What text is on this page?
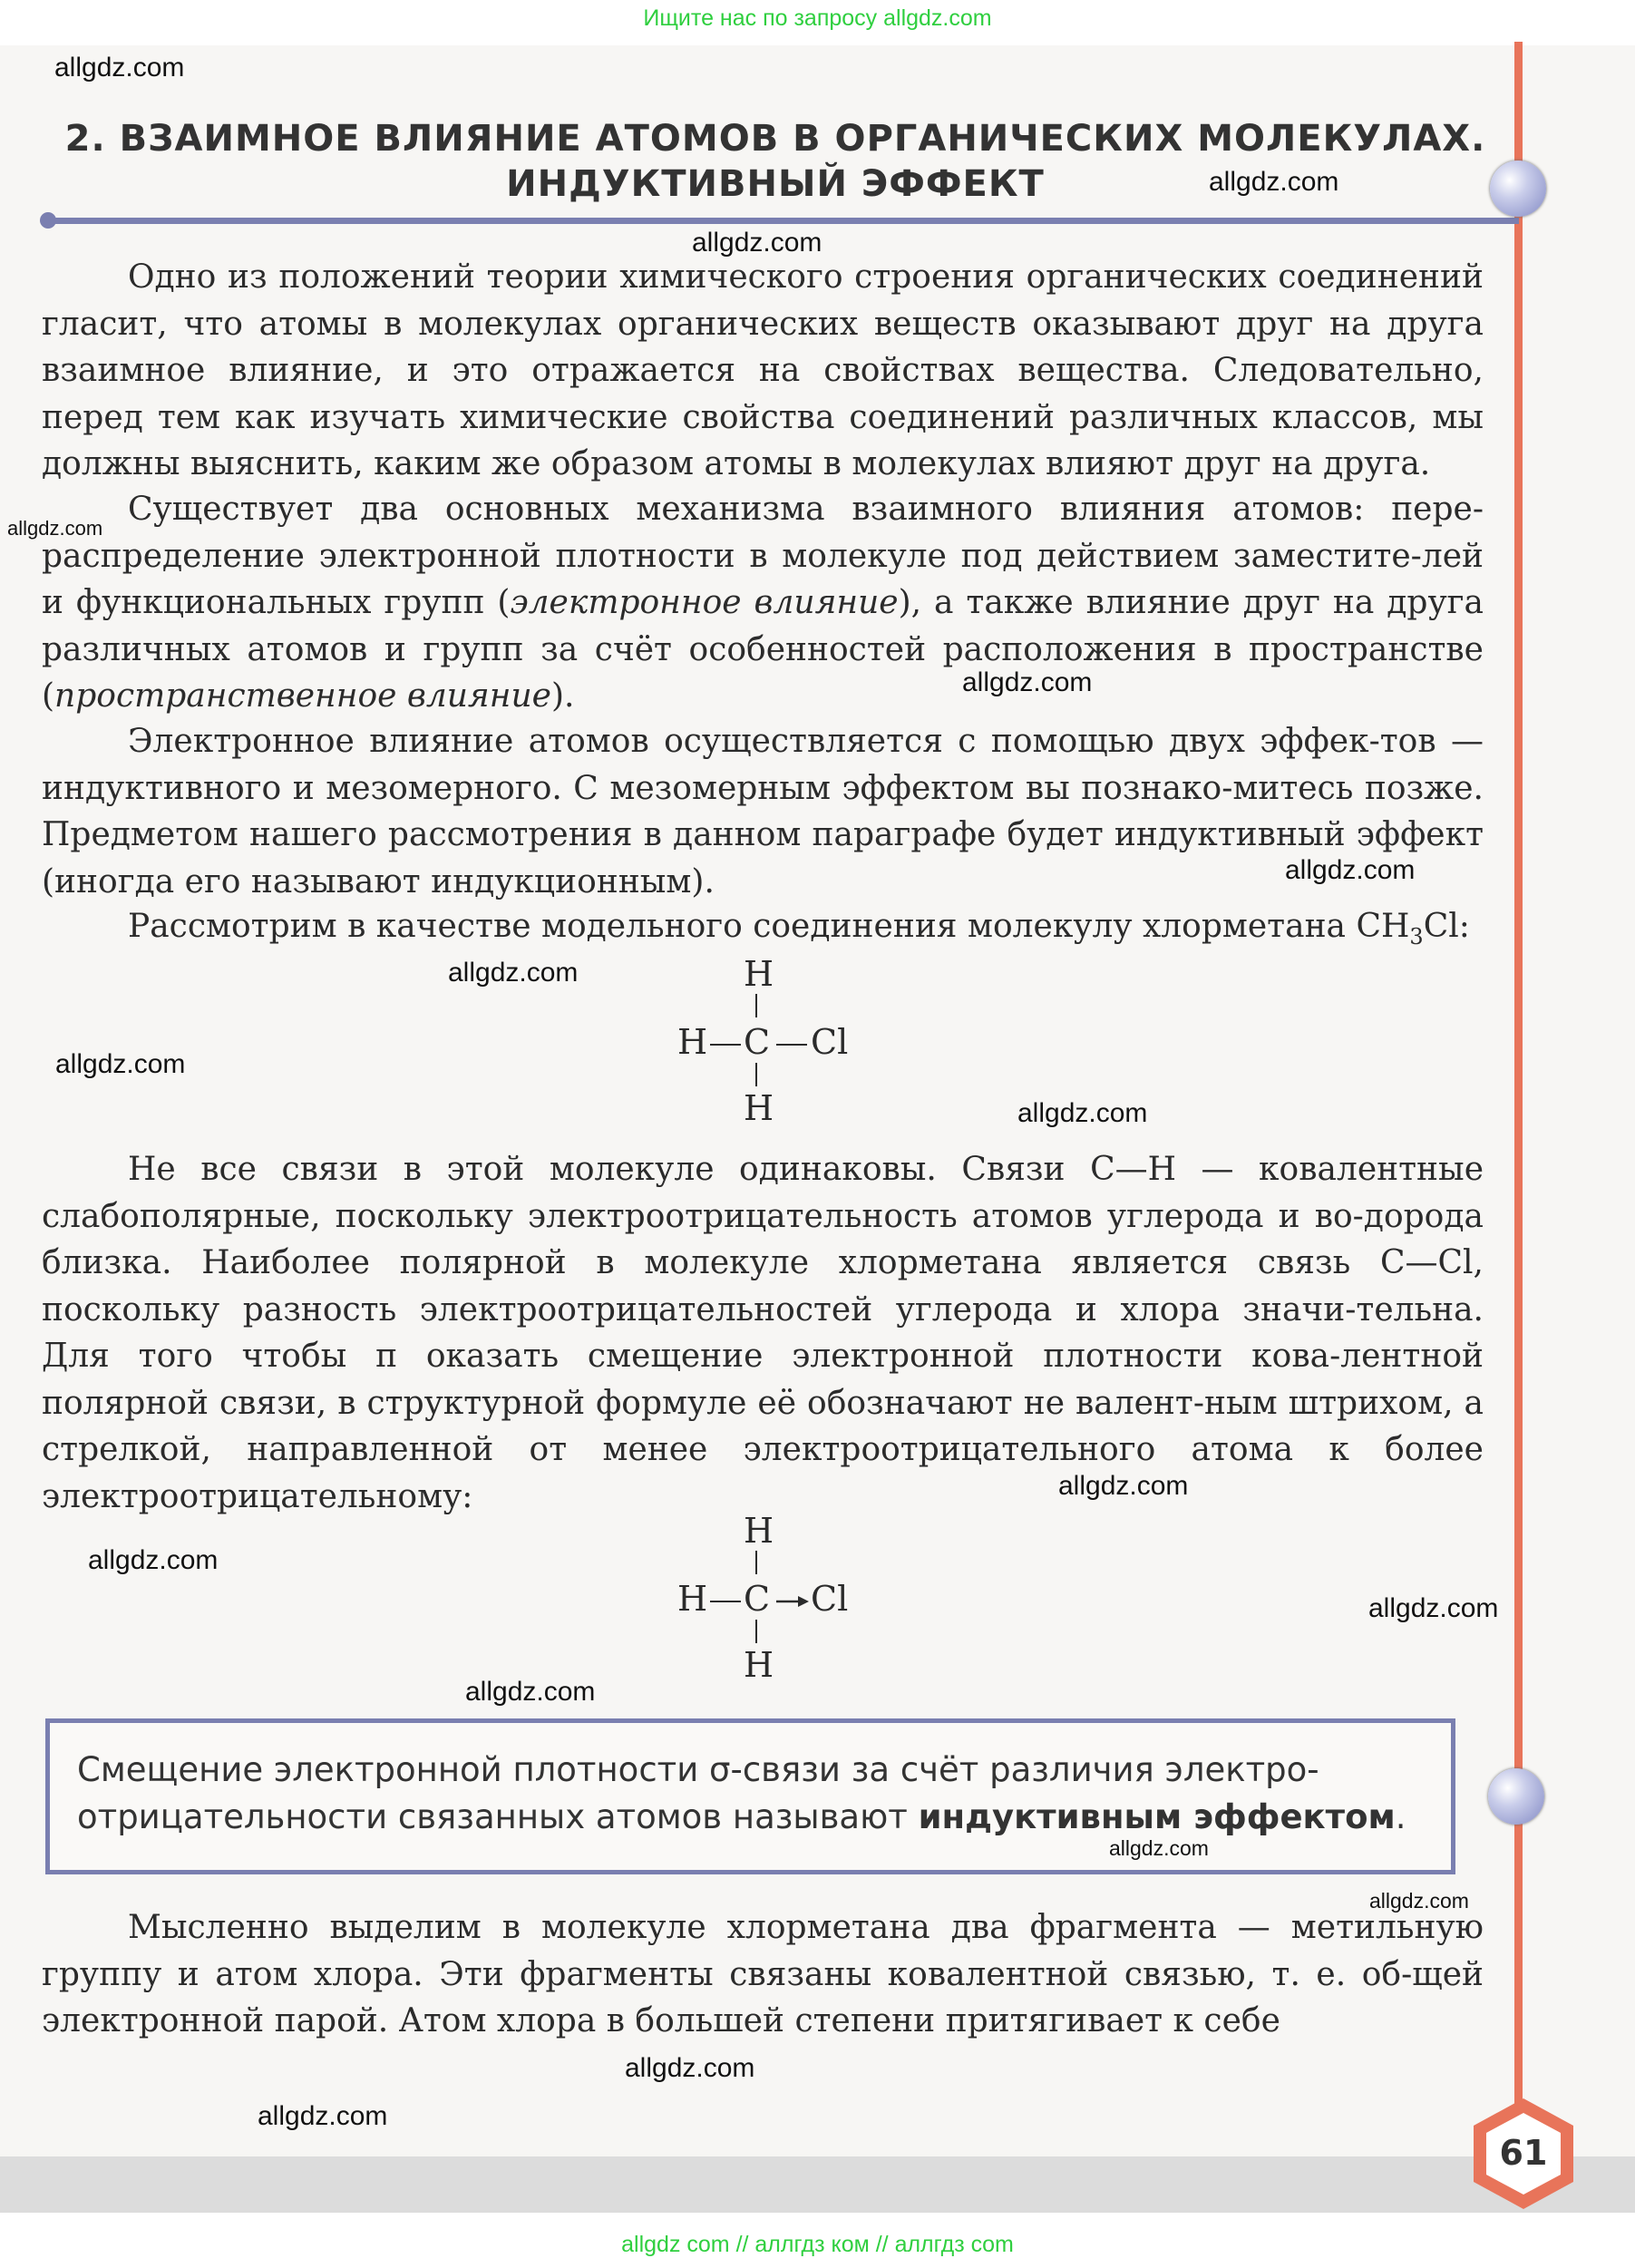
Ищите нас по запросу allgdz.com
2. ВЗАИМНОЕ ВЛИЯНИЕ АТОМОВ В ОРГАНИЧЕСКИХ МОЛЕКУЛАХ.
ИНДУКТИВНЫЙ ЭФФЕКТ
Одно из положений теории химического строения органических соединений гласит, что атомы в молекулах органических веществ оказывают друг на друга взаимное влияние, и это отражается на свойствах вещества. Следовательно, перед тем как изучать химические свойства соединений различных классов, мы должны выяснить, каким же образом атомы в молекулах влияют друг на друга.
Существует два основных механизма взаимного влияния атомов: пере-распределение электронной плотности в молекуле под действием заместите-лей и функциональных групп (электронное влияние), а также влияние друг на друга различных атомов и групп за счёт особенностей расположения в пространстве (пространственное влияние).
Электронное влияние атомов осуществляется с помощью двух эффек-тов — индуктивного и мезомерного. С мезомерным эффектом вы познако-митесь позже. Предметом нашего рассмотрения в данном параграфе будет индуктивный эффект (иногда его называют индукционным).
Рассмотрим в качестве модельного соединения молекулу хлорметана $CH_3Cl$:
H
H C Cl
H
Не все связи в этой молекуле одинаковы. Связи C—H — ковалентные слабополярные, поскольку электроотрицательность атомов углерода и во-дорода близка. Наиболее полярной в молекуле хлорметана является связь C—Cl, поскольку разность электроотрицательностей углерода и хлора значи-тельна. Для того чтобы п оказать смещение электронной плотности кова-лентной полярной связи, в структурной формуле её обозначают не валент-ным штрихом, а стрелкой, направленной от менее электроотрицательного атома к более электроотрицательному:
H
H C Cl
H
Смещение электронной плотности σ-связи за счёт различия электро-отрицательности связанных атомов называют индуктивным эффектом.
Мысленно выделим в молекуле хлорметана два фрагмента — метильную группу и атом хлора. Эти фрагменты связаны ковалентной связью, т. е. об-щей электронной парой. Атом хлора в большей степени притягивает к себе
61
allgdz.com
allgdz.com
allgdz.com
allgdz.com
allgdz.com
allgdz.com
allgdz.com
allgdz.com
allgdz.com
allgdz.com
allgdz.com
allgdz.com
allgdz.com
allgdz.com
allgdz.com
allgdz.com
allgdz.com
allgdz com // аллгдз ком // аллгдз com
